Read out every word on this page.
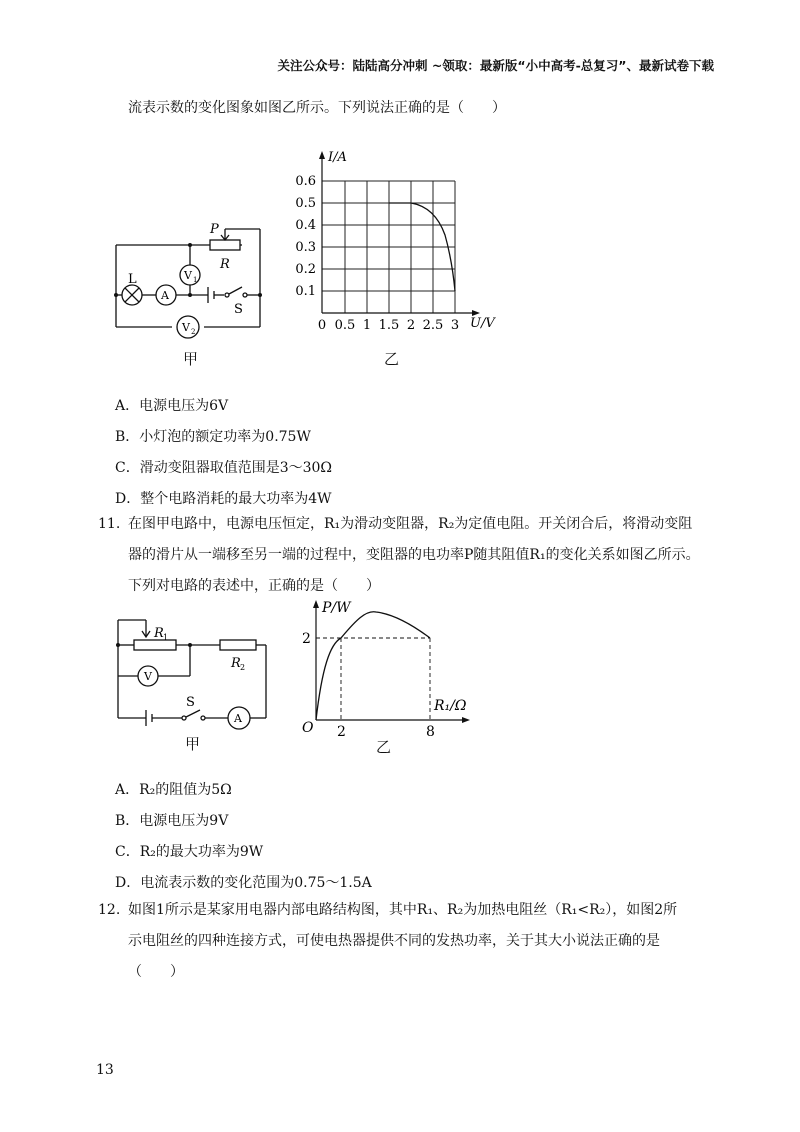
关注公众号：陆陆高分冲刺 ~领取：最新版“小中高考-总复习”、最新试卷下载
流表示数的变化图象如图乙所示。下列说法正确的是（　　）
P
R
L
S
A
V 1
V 2
甲
I/A
U/V
0.6
0.5
0.4
0.3
0.2
0.1
0 0.5 1 1.5 2 2.5 3
乙
A．电源电压为6V
B．小灯泡的额定功率为0.75W
C．滑动变阻器取值范围是3～30Ω
D．整个电路消耗的最大功率为4W
11. 在图甲电路中，电源电压恒定，R₁为滑动变阻器，R₂为定值电阻。开关闭合后，将滑动变阻
器的滑片从一端移至另一端的过程中，变阻器的电功率P随其阻值R₁的变化关系如图乙所示。
下列对电路的表述中，正确的是（　　）
R 1
R 2
V
S
A
甲
P/W
R₁/Ω
O
2
2	8
乙
A．R₂的阻值为5Ω
B．电源电压为9V
C．R₂的最大功率为9W
D．电流表示数的变化范围为0.75～1.5A
12. 如图1所示是某家用电器内部电路结构图，其中R₁、R₂为加热电阻丝（R₁<R₂），如图2所
示电阻丝的四种连接方式，可使电热器提供不同的发热功率，关于其大小说法正确的是
（　　）
13
